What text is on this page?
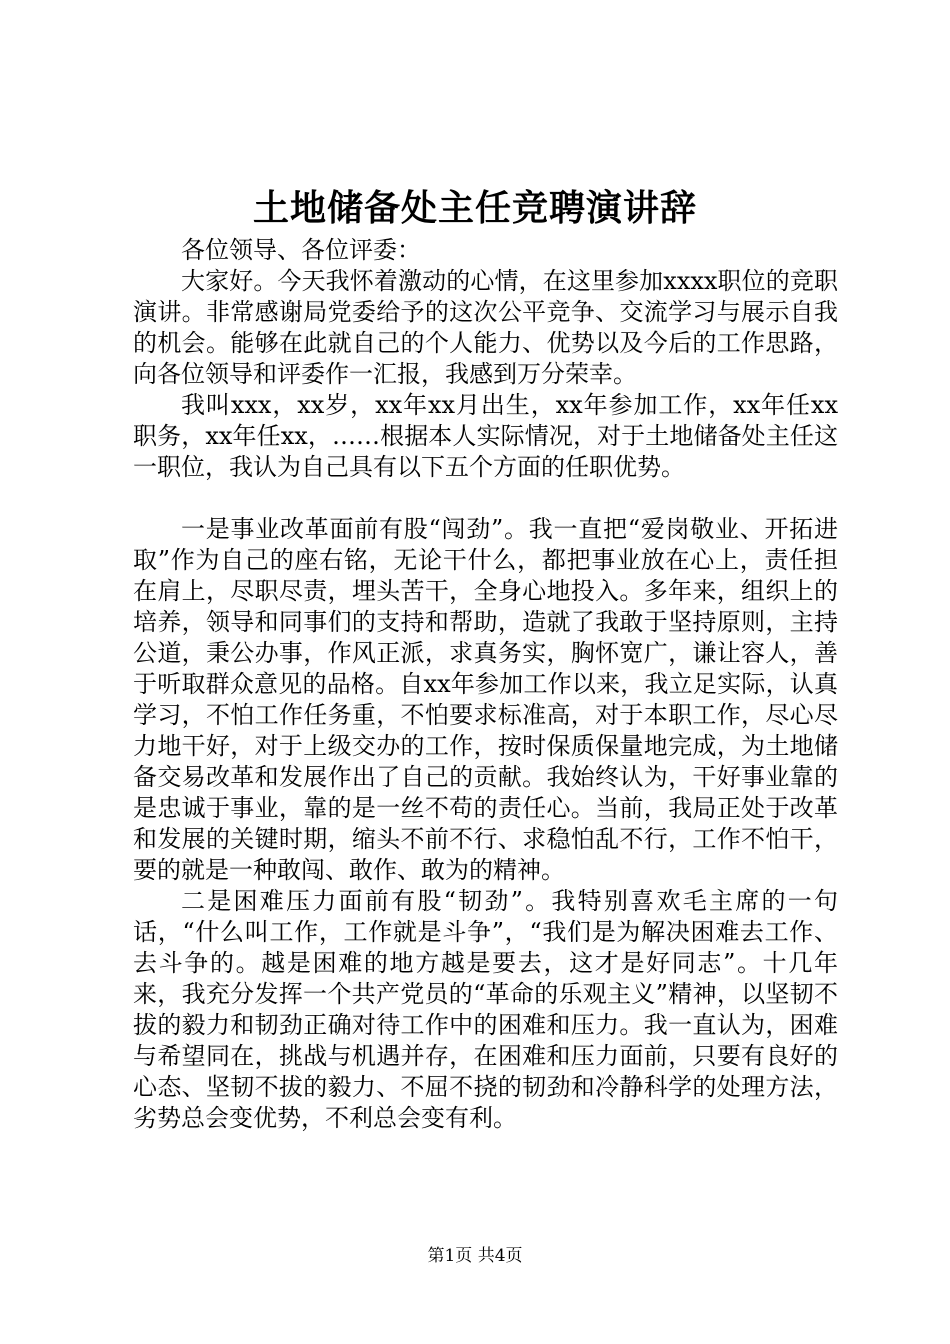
土地储备处主任竞聘演讲辞

各位领导、各位评委：

大家好。今天我怀着激动的心情，在这里参加xxxx职位的竞职演讲。非常感谢局党委给予的这次公平竞争、交流学习与展示自我的机会。能够在此就自己的个人能力、优势以及今后的工作思路，向各位领导和评委作一汇报，我感到万分荣幸。

我叫xxx，xx岁，xx年xx月出生，xx年参加工作，xx年任xx职务，xx年任xx，……根据本人实际情况，对于土地储备处主任这一职位，我认为自己具有以下五个方面的任职优势。

一是事业改革面前有股“闯劲”。我一直把“爱岗敬业、开拓进取”作为自己的座右铭，无论干什么，都把事业放在心上，责任担在肩上，尽职尽责，埋头苦干，全身心地投入。多年来，组织上的培养，领导和同事们的支持和帮助，造就了我敢于坚持原则，主持公道，秉公办事，作风正派，求真务实，胸怀宽广，谦让容人，善于听取群众意见的品格。自xx年参加工作以来，我立足实际，认真学习，不怕工作任务重，不怕要求标准高，对于本职工作，尽心尽力地干好，对于上级交办的工作，按时保质保量地完成，为土地储备交易改革和发展作出了自己的贡献。我始终认为，干好事业靠的是忠诚于事业，靠的是一丝不苟的责任心。当前，我局正处于改革和发展的关键时期，缩头不前不行、求稳怕乱不行，工作不怕干，要的就是一种敢闯、敢作、敢为的精神。

二是困难压力面前有股“韧劲”。我特别喜欢毛主席的一句话，“什么叫工作，工作就是斗争”，“我们是为解决困难去工作、去斗争的。越是困难的地方越是要去，这才是好同志”。十几年来，我充分发挥一个共产党员的“革命的乐观主义”精神，以坚韧不拔的毅力和韧劲正确对待工作中的困难和压力。我一直认为，困难与希望同在，挑战与机遇并存，在困难和压力面前，只要有良好的心态、坚韧不拔的毅力、不屈不挠的韧劲和冷静科学的处理方法，劣势总会变优势，不利总会变有利。

第1页 共4页
